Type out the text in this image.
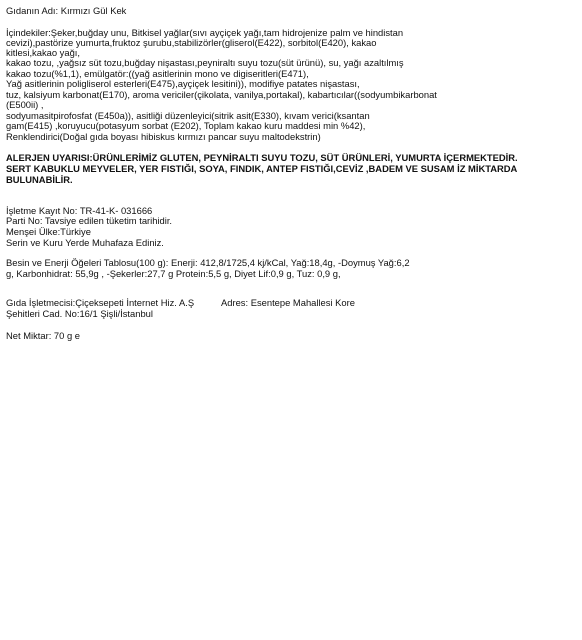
Gıdanın Adı: Kırmızı Gül Kek
İçindekiler:Şeker,buğday unu, Bitkisel yağlar(sıvı ayçiçek yağı,tam hidrojenize palm ve hindistan
cevizi),pastörize yumurta,fruktoz şurubu,stabilizörler(gliserol(E422), sorbitol(E420), kakao
kitlesi,kakao yağı,
kakao tozu, ,yağsız süt tozu,buğday nişastası,peyniraltı suyu tozu(süt ürünü), su, yağı azaltılmış
kakao tozu(%1,1), emülgatör:((yağ asitlerinin mono ve digiseritleri(E471),
Yağ asitlerinin poligliserol esterleri(E475),ayçiçek lesitini)), modifiye patates nişastası,
tuz, kalsiyum karbonat(E170), aroma vericiler(çikolata, vanilya,portakal), kabartıcılar((sodyumbikarbonat
(E500ii) ,
sodyumasitpirofosfat (E450a)), asitliği düzenleyici(sitrik asit(E330), kıvam verici(ksantan
gam(E415) ,koruyucu(potasyum sorbat (E202), Toplam kakao kuru maddesi min %42),
Renklendirici(Doğal gıda boyası hibiskus kırmızı pancar suyu maltodekstrin)
ALERJEN UYARISI:ÜRÜNLERİMİZ GLUTEN, PEYNİRALTI SUYU TOZU, SÜT ÜRÜNLERİ, YUMURTA İÇERMEKTEDİR.
SERT KABUKLU MEYVELER, YER FISTIĞI, SOYA, FINDIK, ANTEP FISTIĞI,CEVİZ ,BADEM VE SUSAM İZ MİKTARDA
BULUNABİLİR.
İşletme Kayıt No: TR-41-K- 031666
Parti No: Tavsiye edilen tüketim tarihidir.
Menşei Ülke:Türkiye
Serin ve Kuru Yerde Muhafaza Ediniz.
Besin ve Enerji Öğeleri Tablosu(100 g): Enerji: 412,8/1725,4 kj/kCal, Yağ:18,4g, -Doymuş Yağ:6,2
g, Karbonhidrat: 55,9g , -Şekerler:27,7 g Protein:5,5 g, Diyet Lif:0,9 g, Tuz: 0,9 g,
Gıda İşletmecisi:Çiçeksepeti İnternet Hiz. A.Ş	Adres: Esentepe Mahallesi Kore
Şehitleri Cad. No:16/1 Şişli/İstanbul
Net Miktar: 70 g e
